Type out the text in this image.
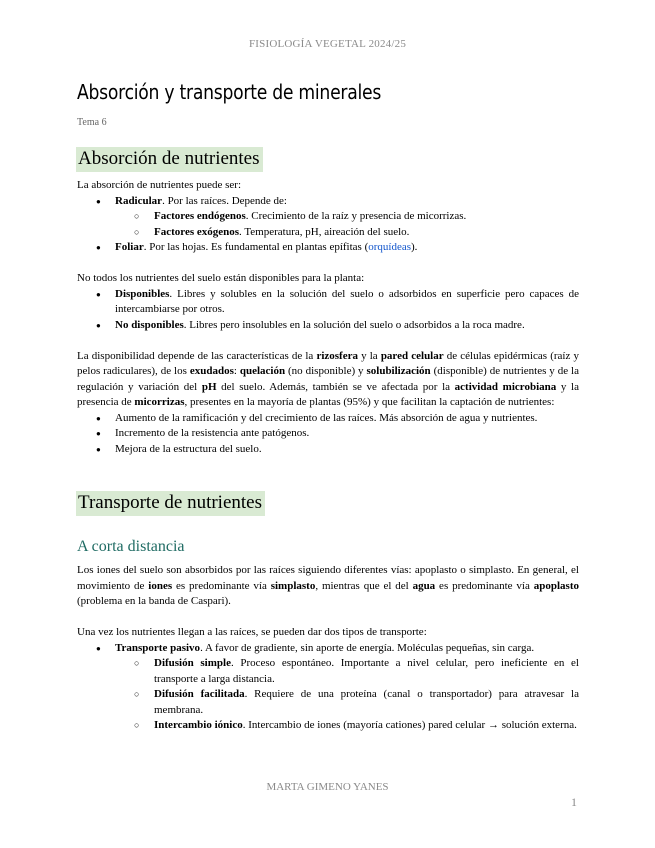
FISIOLOGÍA VEGETAL 2024/25
Absorción y transporte de minerales
Tema 6
Absorción de nutrientes

La absorción de nutrientes puede ser:

● Radicular. Por las raíces. Depende de:
○ Factores endógenos. Crecimiento de la raíz y presencia de micorrizas.
○ Factores exógenos. Temperatura, pH, aireación del suelo.
● Foliar. Por las hojas. Es fundamental en plantas epífitas (orquídeas).

No todos los nutrientes del suelo están disponibles para la planta:

● Disponibles. Libres y solubles en la solución del suelo o adsorbidos en superficie pero capaces de intercambiarse por otros.
● No disponibles. Libres pero insolubles en la solución del suelo o adsorbidos a la roca madre.

La disponibilidad depende de las características de la rizosfera y la pared celular de células epidérmicas (raíz y pelos radiculares), de los exudados: quelación (no disponible) y solubilización (disponible) de nutrientes y de la regulación y variación del pH del suelo. Además, también se ve afectada por la actividad microbiana y la presencia de micorrizas, presentes en la mayoría de plantas (95%) y que facilitan la captación de nutrientes:

● Aumento de la ramificación y del crecimiento de las raíces. Más absorción de agua y nutrientes.
● Incremento de la resistencia ante patógenos.
● Mejora de la estructura del suelo.
Transporte de nutrientes
A corta distancia

Los iones del suelo son absorbidos por las raíces siguiendo diferentes vías: apoplasto o simplasto. En general, el movimiento de iones es predominante vía simplasto, mientras que el del agua es predominante vía apoplasto (problema en la banda de Caspari).

Una vez los nutrientes llegan a las raíces, se pueden dar dos tipos de transporte:

● Transporte pasivo. A favor de gradiente, sin aporte de energía. Moléculas pequeñas, sin carga.
○ Difusión simple. Proceso espontáneo. Importante a nivel celular, pero ineficiente en el transporte a larga distancia.
○ Difusión facilitada. Requiere de una proteína (canal o transportador) para atravesar la membrana.
○ Intercambio iónico. Intercambio de iones (mayoría cationes) pared celular → solución externa.
MARTA GIMENO YANES
1
